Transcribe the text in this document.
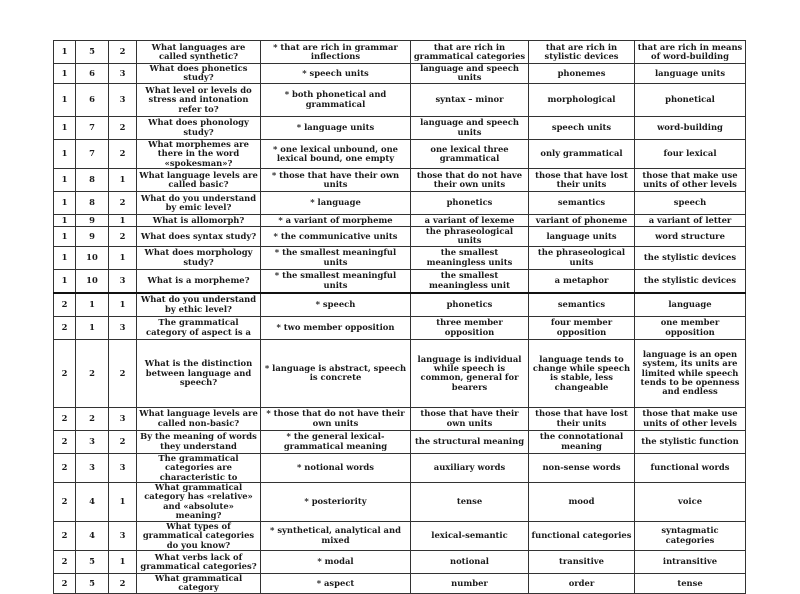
1	5	2	What languages are called synthetic?	* that are rich in grammar inflections	that are rich in grammatical categories	that are rich in stylistic devices	that are rich in means of word-building
1	6	3	What does phonetics study?	* speech units	language and speech units	phonemes	language units
1	6	3	What level or levels do stress and intonation refer to?	* both phonetical and grammatical	syntax – minor	morphological	phonetical
1	7	2	What does phonology study?	* language units	language and speech units	speech units	word-building
1	7	2	What morphemes are there in the word «spokesman»?	* one lexical unbound, one lexical bound, one empty	one lexical three grammatical	only grammatical	four lexical
1	8	1	What language levels are called basic?	* those that have their own units	those that do not have their own units	those that have lost their units	those that make use units of other levels
1	8	2	What do you understand by emic level?	* language	phonetics	semantics	speech
1	9	1	What is allomorph?	* a variant of morpheme	a variant of lexeme	variant of phoneme	a variant of letter
1	9	2	What does syntax study?	* the communicative units	the phraseological units	language units	word structure
1	10	1	What does morphology study?	* the smallest meaningful units	the smallest meaningless units	the phraseological units	the stylistic devices
1	10	3	What is a morpheme?	* the smallest meaningful units	the smallest meaningless unit	a metaphor	the stylistic devices
2	1	1	What do you understand by ethic level?	* speech	phonetics	semantics	language
2	1	3	The grammatical category of aspect is a	* two member opposition	three member opposition	four member opposition	one member opposition
2	2	2	What is the distinction between language and speech?	* language is abstract, speech is concrete	language is individual while speech is common, general for bearers	language tends to change while speech is stable, less changeable	language is an open system, its units are limited while speech tends to be openness and endless
2	2	3	What language levels are called non-basic?	* those that do not have their own units	those that have their own units	those that have lost their units	those that make use units of other levels
2	3	2	By the meaning of words they understand	* the general lexical-grammatical meaning	the structural meaning	the connotational meaning	the stylistic function
2	3	3	The grammatical categories are characteristic to	* notional words	auxiliary words	non-sense words	functional words
2	4	1	What grammatical category has «relative» and «absolute» meaning?	* posteriority	tense	mood	voice
2	4	3	What types of grammatical categories do you know?	* synthetical, analytical and mixed	lexical-semantic	functional categories	syntagmatic categories
2	5	1	What verbs lack of grammatical categories?	* modal	notional	transitive	intransitive
2	5	2	What grammatical category	* aspect	number	order	tense
